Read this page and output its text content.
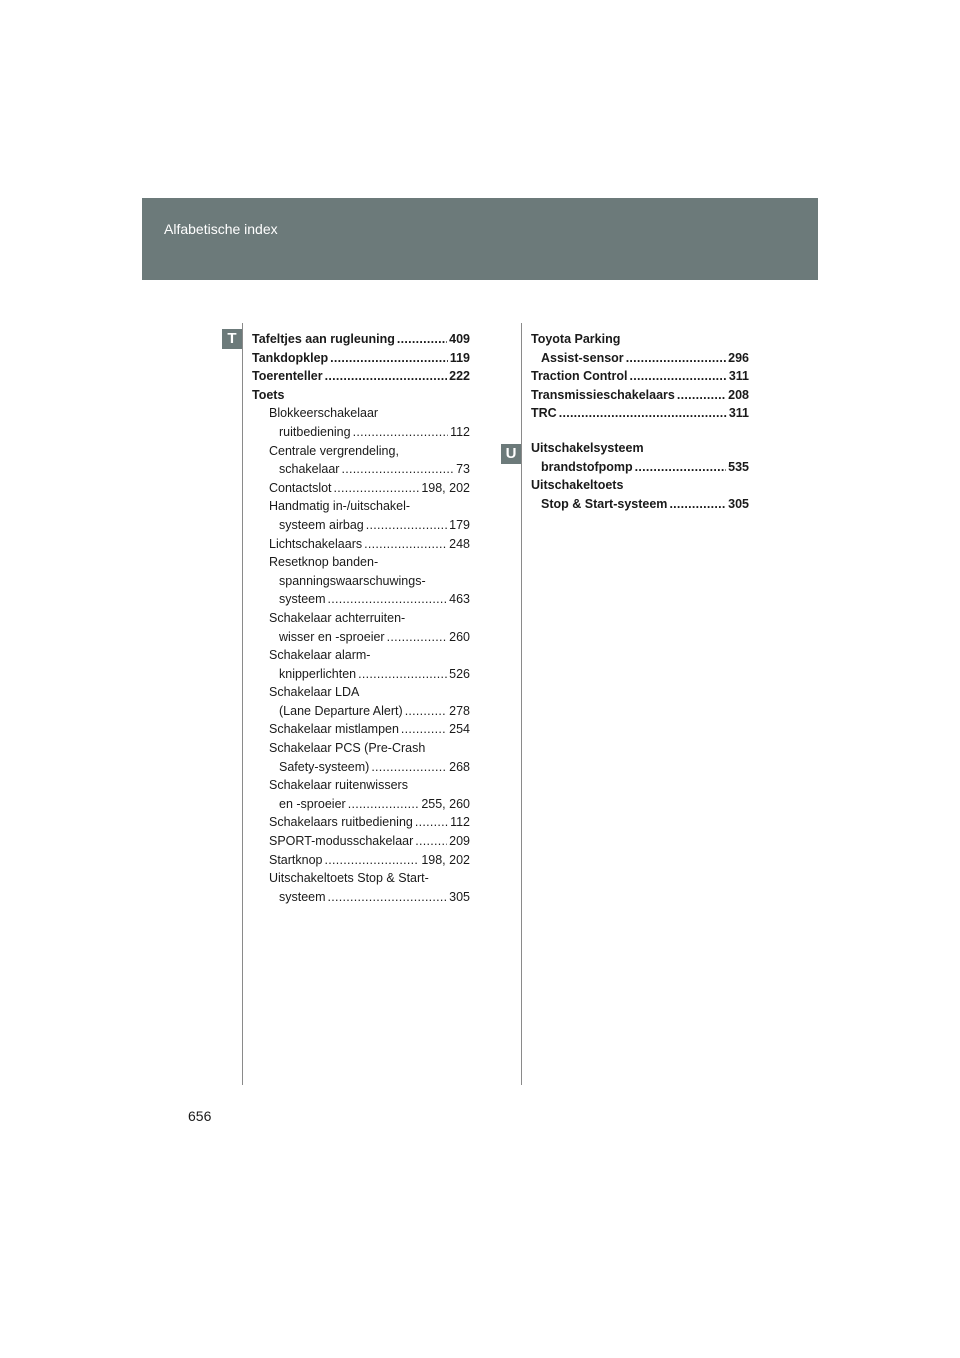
Alfabetische index
T
U
Tafeltjes aan rugleuning . . .	409
Tankdopklep . . .	119
Toerenteller . . .	222
Toets
Blokkeerschakelaar
ruitbediening . . .	112
Centrale vergrendeling,
schakelaar . . .	73
Contactslot . . .	198, 202
Handmatig in-/uitschakel-
systeem airbag . . .	179
Lichtschakelaars . . .	248
Resetknop banden-
spanningswaarschuwings-
systeem . . .	463
Schakelaar achterruiten-
wisser en -sproeier . . .	260
Schakelaar alarm-
knipperlichten . . .	526
Schakelaar LDA
(Lane Departure Alert) . . .	278
Schakelaar mistlampen . . .	254
Schakelaar PCS (Pre-Crash
Safety-systeem) . . .	268
Schakelaar ruitenwissers
en -sproeier . . .	255, 260
Schakelaars ruitbediening . . .	112
SPORT-modusschakelaar . . .	209
Startknop . . .	198, 202
Uitschakeltoets Stop & Start-
systeem . . .	305
Toyota Parking
Assist-sensor . . .	296
Traction Control . . .	311
Transmissieschakelaars . . .	208
TRC . . .	311
Uitschakelsysteem
brandstofpomp . . .	535
Uitschakeltoets
Stop & Start-systeem . . .	305
656
